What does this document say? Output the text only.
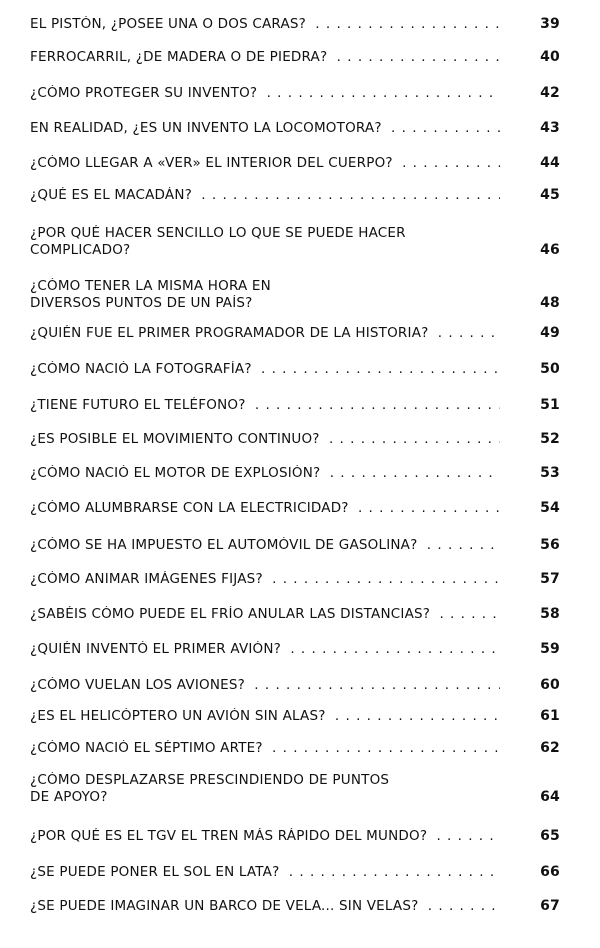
EL PISTÓN, ¿POSEE UNA O DOS CARAS? . . .	39
FERROCARRIL, ¿DE MADERA O DE PIEDRA? . . .	40
¿CÓMO PROTEGER SU INVENTO? . . .	42
EN REALIDAD, ¿ES UN INVENTO LA LOCOMOTORA? . . .	43
¿CÓMO LLEGAR A «VER» EL INTERIOR DEL CUERPO? . . .	44
¿QUÉ ES EL MACADÁN? . . .	45
¿POR QUÉ HACER SENCILLO LO QUE SE PUEDE HACER
COMPLICADO?	46
¿CÓMO TENER LA MISMA HORA EN
DIVERSOS PUNTOS DE UN PAÍS?	48
¿QUIÉN FUE EL PRIMER PROGRAMADOR DE LA HISTORIA? . . .	49
¿CÓMO NACIÓ LA FOTOGRAFÍA? . . .	50
¿TIENE FUTURO EL TELÉFONO? . . .	51
¿ES POSIBLE EL MOVIMIENTO CONTINUO? . . .	52
¿CÓMO NACIÓ EL MOTOR DE EXPLOSIÓN? . . .	53
¿CÓMO ALUMBRARSE CON LA ELECTRICIDAD? . . .	54
¿CÓMO SE HA IMPUESTO EL AUTOMÓVIL DE GASOLINA? . . .	56
¿CÓMO ANIMAR IMÁGENES FIJAS? . . .	57
¿SABÉIS CÓMO PUEDE EL FRÍO ANULAR LAS DISTANCIAS? . . .	58
¿QUIÉN INVENTÓ EL PRIMER AVIÓN? . . .	59
¿CÓMO VUELAN LOS AVIONES? . . .	60
¿ES EL HELICÓPTERO UN AVIÓN SIN ALAS? . . .	61
¿CÓMO NACIÓ EL SÉPTIMO ARTE? . . .	62
¿CÓMO DESPLAZARSE PRESCINDIENDO DE PUNTOS
DE APOYO?	64
¿POR QUÉ ES EL TGV EL TREN MÁS RÁPIDO DEL MUNDO? . . .	65
¿SE PUEDE PONER EL SOL EN LATA? . . .	66
¿SE PUEDE IMAGINAR UN BARCO DE VELA... SIN VELAS? . . .	67
